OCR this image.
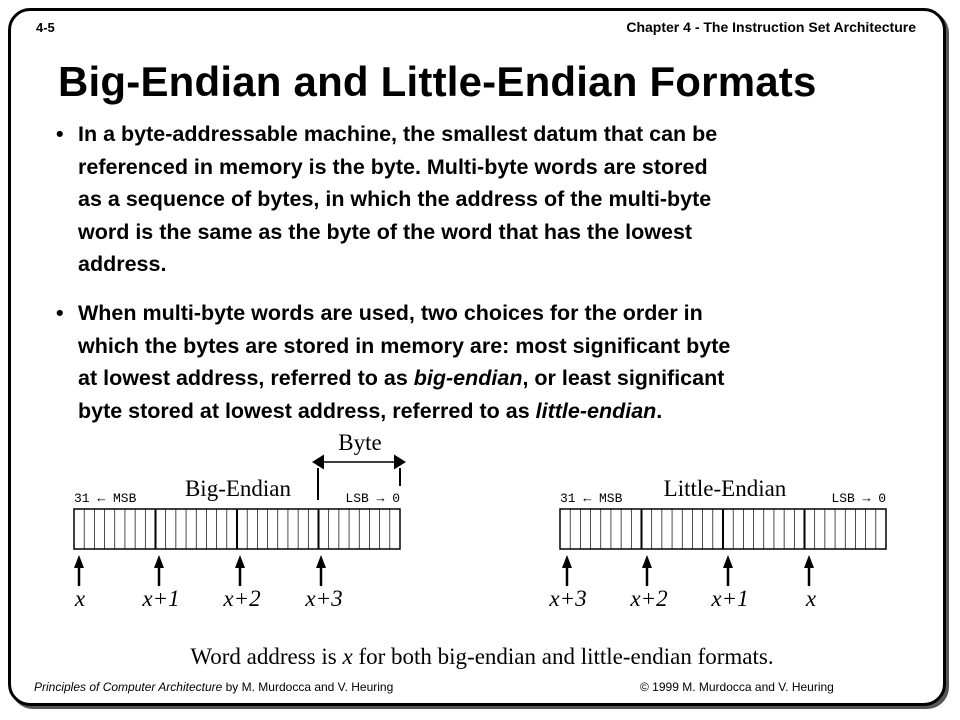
4-5	Chapter 4 - The Instruction Set Architecture
Big-Endian and Little-Endian Formats
• In a byte-addressable machine, the smallest datum that can be
referenced in memory is the byte. Multi-byte words are stored
as a sequence of bytes, in which the address of the multi-byte
word is the same as the byte of the word that has the lowest
address.
• When multi-byte words are used, two choices for the order in
which the bytes are stored in memory are: most significant byte
at lowest address, referred to as big-endian, or least significant
byte stored at lowest address, referred to as little-endian.
Byte
Big-Endian
31 ← MSB	LSB → 0
x x+1 x+2 x+3
Little-Endian
31 ← MSB	LSB → 0
x+3 x+2 x+1 x
Word address is x for both big-endian and little-endian formats.
Principles of Computer Architecture by M. Murdocca and V. Heuring	© 1999 M. Murdocca and V. Heuring
